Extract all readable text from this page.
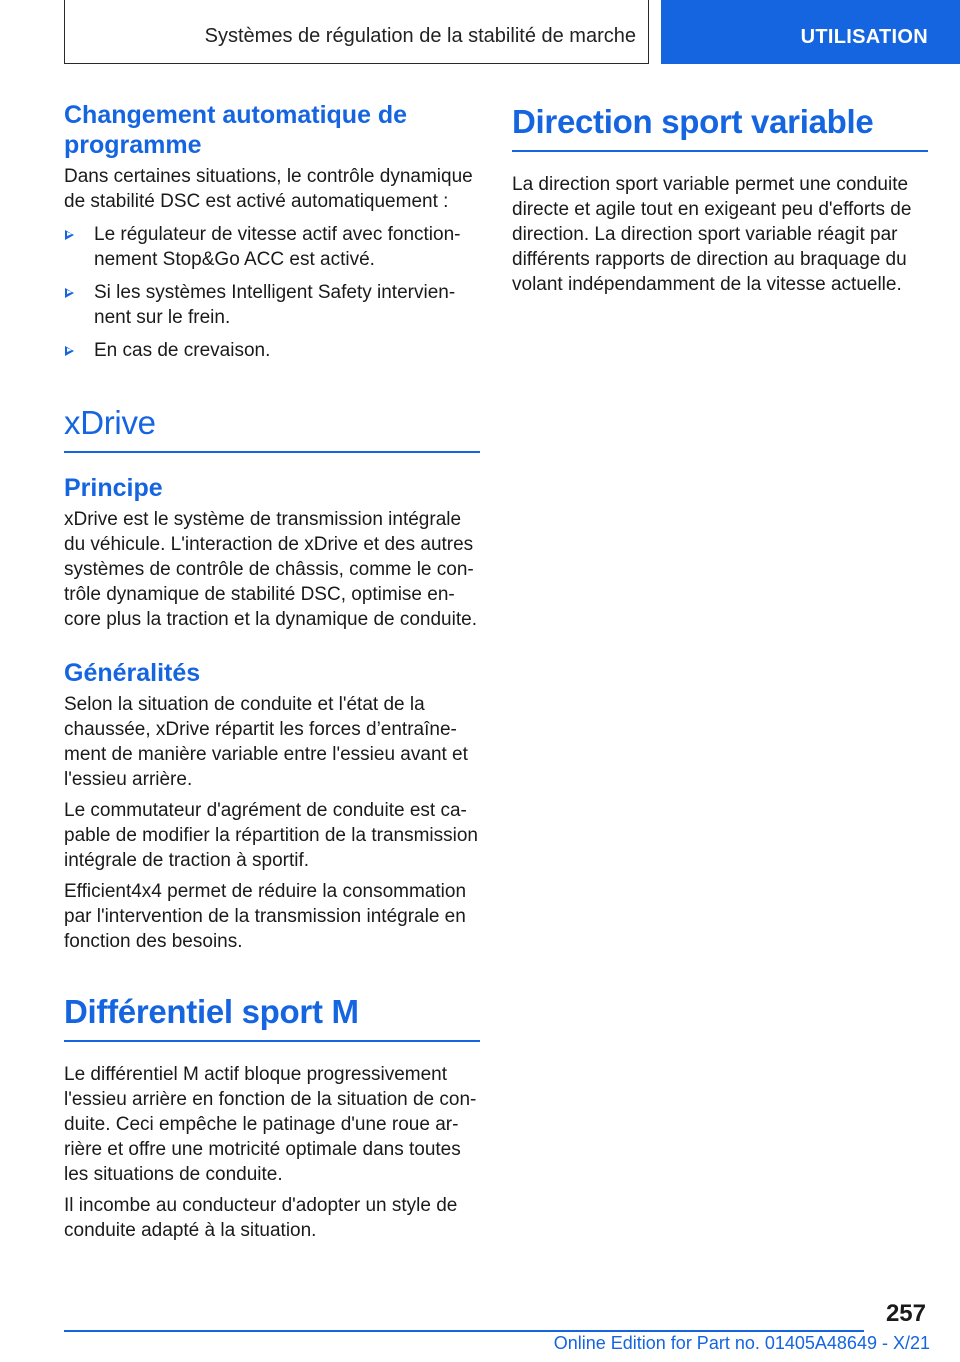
Systèmes de régulation de la stabilité de marche	UTILISATION
Changement automatique de programme

Dans certaines situations, le contrôle dynamique de stabilité DSC est activé automatiquement :

Le régulateur de vitesse actif avec fonctionnement Stop&Go ACC est activé.
Si les systèmes Intelligent Safety interviennent sur le frein.
En cas de crevaison.
xDrive
Principe

xDrive est le système de transmission intégrale du véhicule. L'interaction de xDrive et des autres systèmes de contrôle de châssis, comme le contrôle dynamique de stabilité DSC, optimise encore plus la traction et la dynamique de conduite.

Généralités

Selon la situation de conduite et l'état de la chaussée, xDrive répartit les forces d’entraînement de manière variable entre l'essieu avant et l'essieu arrière.

Le commutateur d'agrément de conduite est capable de modifier la répartition de la transmission intégrale de traction à sportif.

Efficient4x4 permet de réduire la consommation par l'intervention de la transmission intégrale en fonction des besoins.

Différentiel sport M

Le différentiel M actif bloque progressivement l'essieu arrière en fonction de la situation de conduite. Ceci empêche le patinage d'une roue arrière et offre une motricité optimale dans toutes les situations de conduite.

Il incombe au conducteur d'adopter un style de conduite adapté à la situation.

Direction sport variable

La direction sport variable permet une conduite directe et agile tout en exigeant peu d'efforts de direction. La direction sport variable réagit par différents rapports de direction au braquage du volant indépendamment de la vitesse actuelle.

257
Online Edition for Part no. 01405A48649 - X/21
